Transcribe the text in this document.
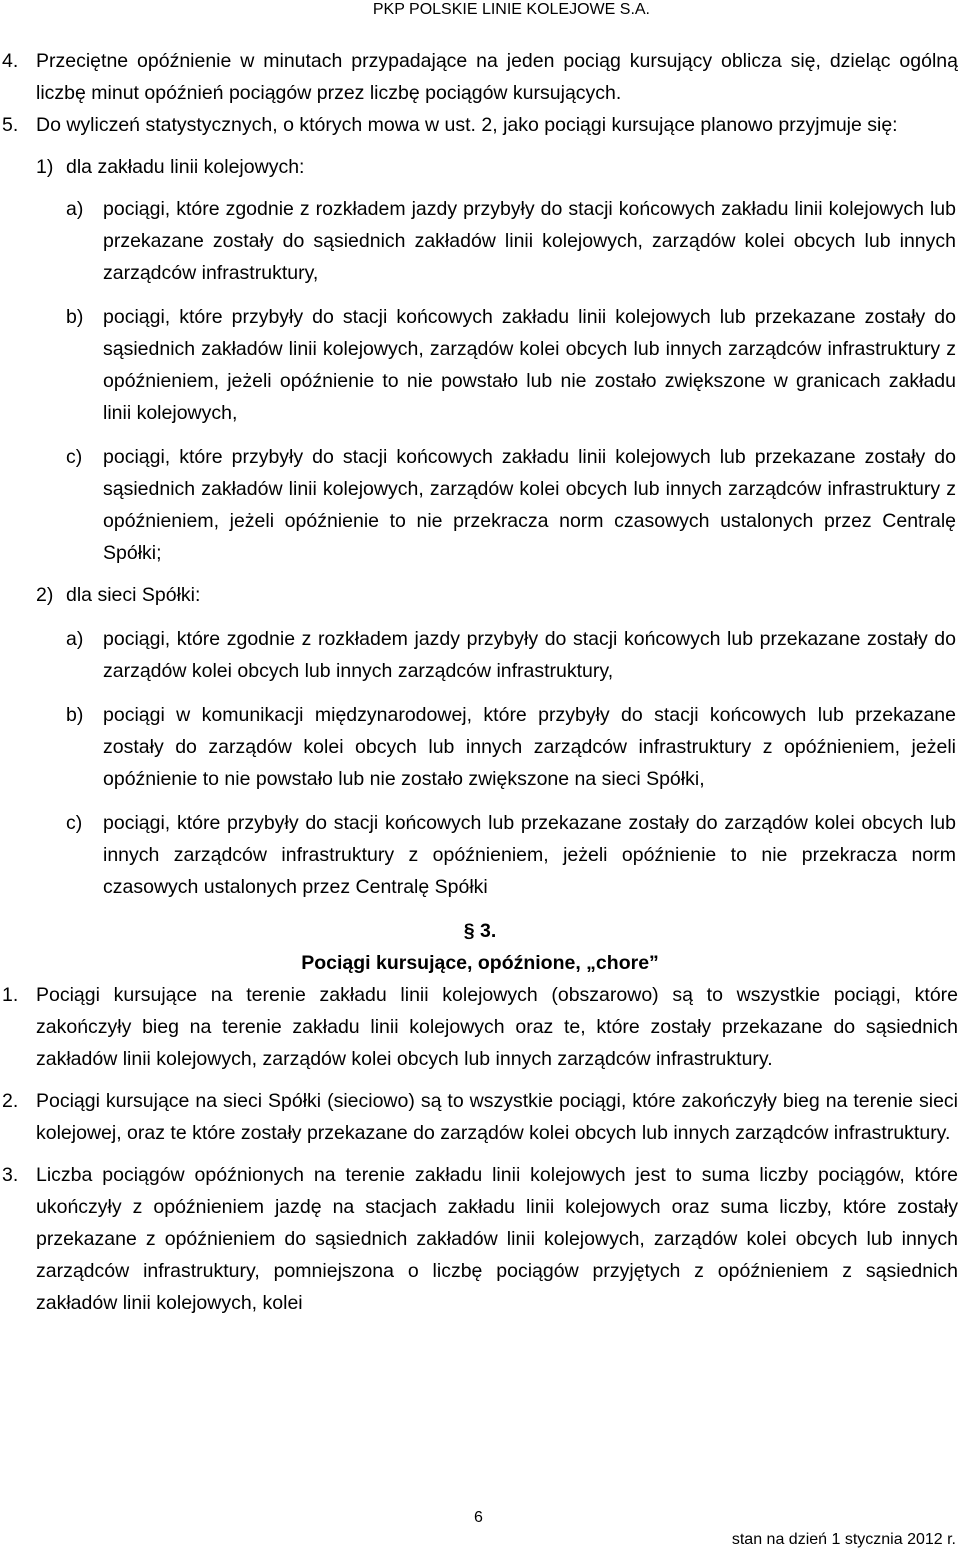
PKP POLSKIE LINIE KOLEJOWE S.A.
4. Przeciętne opóźnienie w minutach przypadające na jeden pociąg kursujący oblicza się, dzieląc ogólną liczbę minut opóźnień pociągów przez liczbę pociągów kursujących.
5. Do wyliczeń statystycznych, o których mowa w ust. 2, jako pociągi kursujące planowo przyjmuje się:
1) dla zakładu linii kolejowych:
a) pociągi, które zgodnie z rozkładem jazdy przybyły do stacji końcowych zakładu linii kolejowych lub przekazane zostały do sąsiednich zakładów linii kolejowych, zarządów kolei obcych lub innych zarządców infrastruktury,
b) pociągi, które przybyły do stacji końcowych zakładu linii kolejowych lub przekazane zostały do sąsiednich zakładów linii kolejowych, zarządów kolei obcych lub innych zarządców infrastruktury z opóźnieniem, jeżeli opóźnienie to nie powstało lub nie zostało zwiększone w granicach zakładu linii kolejowych,
c) pociągi, które przybyły do stacji końcowych zakładu linii kolejowych lub przekazane zostały do sąsiednich zakładów linii kolejowych, zarządów kolei obcych lub innych zarządców infrastruktury z opóźnieniem, jeżeli opóźnienie to nie przekracza norm czasowych ustalonych przez Centralę Spółki;
2) dla sieci Spółki:
a) pociągi, które zgodnie z rozkładem jazdy przybyły do stacji końcowych lub przekazane zostały do zarządów kolei obcych lub innych zarządców infrastruktury,
b) pociągi w komunikacji międzynarodowej, które przybyły do stacji końcowych lub przekazane zostały do zarządów kolei obcych lub innych zarządców infrastruktury z opóźnieniem, jeżeli opóźnienie to nie powstało lub nie zostało zwiększone na sieci Spółki,
c) pociągi, które przybyły do stacji końcowych lub przekazane zostały do zarządów kolei obcych lub innych zarządców infrastruktury z opóźnieniem, jeżeli opóźnienie to nie przekracza norm czasowych ustalonych przez Centralę Spółki
§ 3.
Pociągi kursujące, opóźnione, „chore”
1. Pociągi kursujące na terenie zakładu linii kolejowych (obszarowo) są to wszystkie pociągi, które zakończyły bieg na terenie zakładu linii kolejowych oraz te, które zostały przekazane do sąsiednich zakładów linii kolejowych, zarządów kolei obcych lub innych zarządców infrastruktury.
2. Pociągi kursujące na sieci Spółki (sieciowo) są to wszystkie pociągi, które zakończyły bieg na terenie sieci kolejowej, oraz te które zostały przekazane do zarządów kolei obcych lub innych zarządców infrastruktury.
3. Liczba pociągów opóźnionych na terenie zakładu linii kolejowych jest to suma liczby pociągów, które ukończyły z opóźnieniem jazdę na stacjach zakładu linii kolejowych oraz suma liczby, które zostały przekazane z opóźnieniem do sąsiednich zakładów linii kolejowych, zarządów kolei obcych lub innych zarządców infrastruktury, pomniejszona o liczbę pociągów przyjętych z opóźnieniem z sąsiednich zakładów linii kolejowych, kolei
6
stan na dzień 1 stycznia 2012 r.
